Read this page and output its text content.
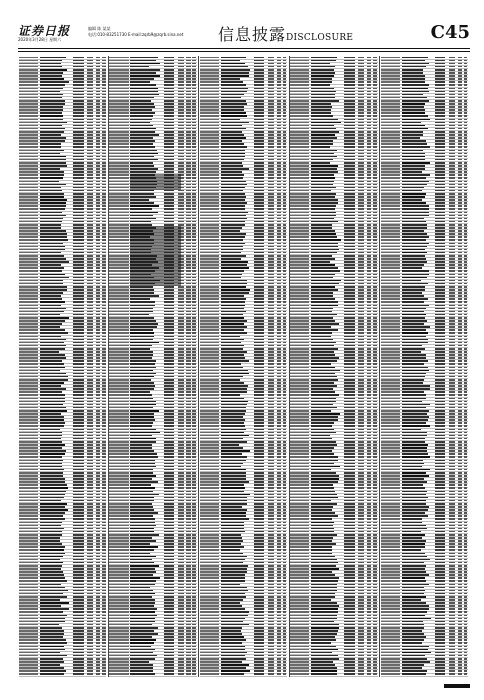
证券日报
2020年3月28日 星期六
编辑 陈 某某
电话:010-83251730 E-mail:zqrb9@zqrb.sina.net 信息披露DISCLOSURE	C45
